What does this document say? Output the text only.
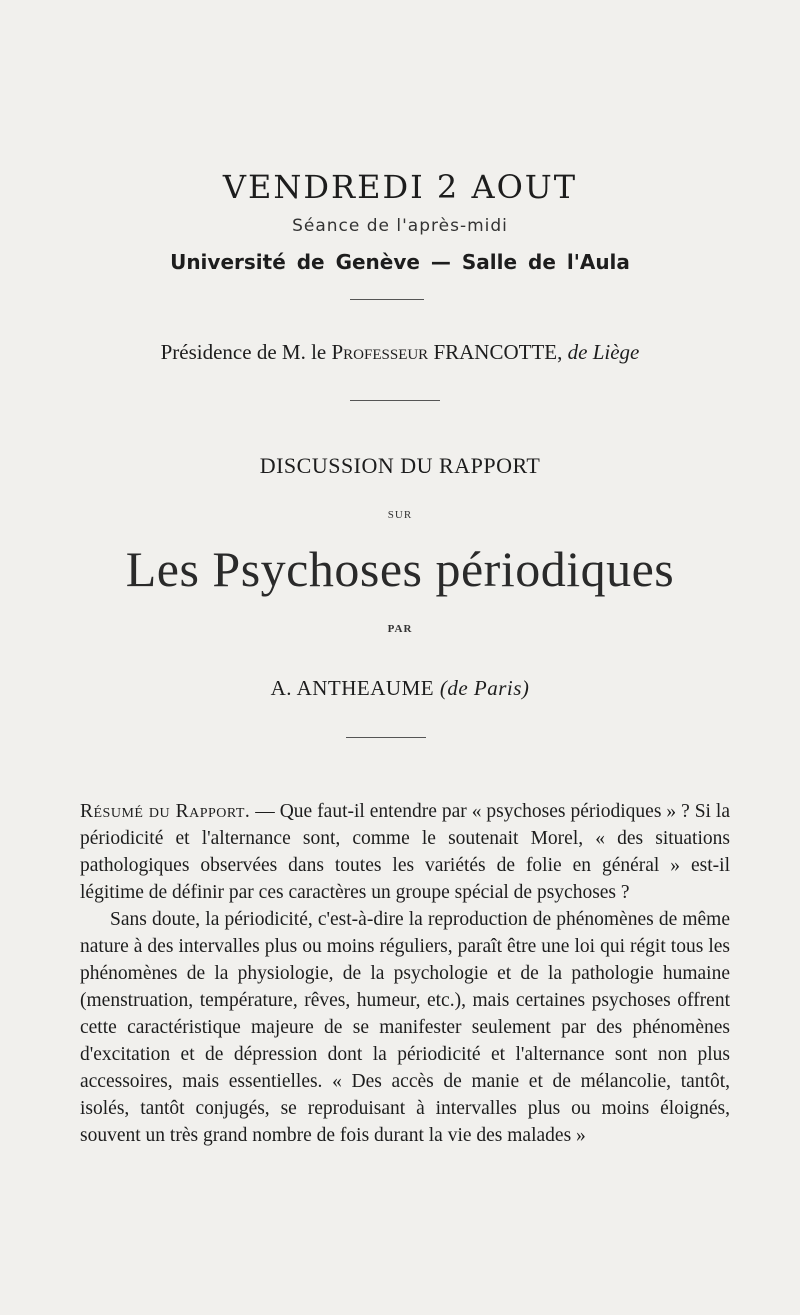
VENDREDI 2 AOUT
Séance de l'après-midi
Université de Genève — Salle de l'Aula
Présidence de M. le Professeur FRANCOTTE, de Liège
DISCUSSION DU RAPPORT
SUR
Les Psychoses périodiques
PAR
A. ANTHEAUME (de Paris)

Résumé du Rapport. — Que faut-il entendre par « psychoses périodiques » ? Si la périodicité et l'alternance sont, comme le soutenait Morel, « des situations pathologiques observées dans toutes les variétés de folie en général » est-il légitime de définir par ces caractères un groupe spécial de psychoses ?

Sans doute, la périodicité, c'est-à-dire la reproduction de phénomènes de même nature à des intervalles plus ou moins réguliers, paraît être une loi qui régit tous les phénomènes de la physiologie, de la psychologie et de la pathologie humaine (menstruation, température, rêves, humeur, etc.), mais certaines psychoses offrent cette caractéristique majeure de se manifester seulement par des phénomènes d'excitation et de dépression dont la périodicité et l'alternance sont non plus accessoires, mais essentielles. « Des accès de manie et de mélancolie, tantôt, isolés, tantôt conjugés, se reproduisant à intervalles plus ou moins éloignés, souvent un très grand nombre de fois durant la vie des malades »
